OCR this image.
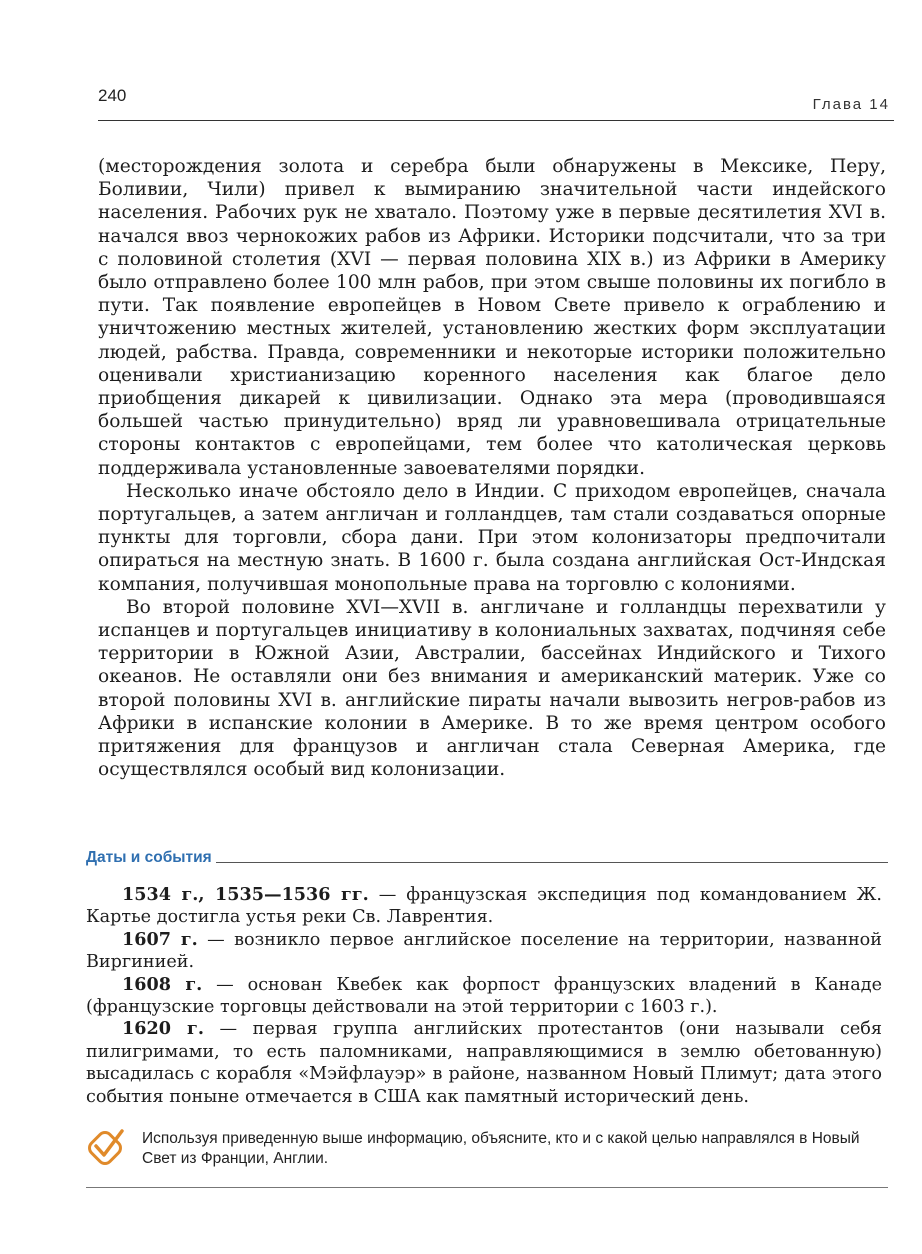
240	Глава 14

(месторождения золота и серебра были обнаружены в Мексике, Перу, Боливии, Чили) привел к вымиранию значительной части индейского населения. Рабочих рук не хватало. Поэтому уже в первые десятилетия XVI в. начался ввоз чернокожих рабов из Африки. Историки подсчитали, что за три с половиной столетия (XVI — первая половина XIX в.) из Африки в Америку было отправлено более 100 млн рабов, при этом свыше половины их погибло в пути. Так появление европейцев в Новом Свете привело к ограблению и уничтожению местных жителей, установлению жестких форм эксплуатации людей, рабства. Правда, современники и некоторые историки положительно оценивали христианизацию коренного населения как благое дело приобщения дикарей к цивилизации. Однако эта мера (проводившаяся большей частью принудительно) вряд ли уравновешивала отрицательные стороны контактов с европейцами, тем более что католическая церковь поддерживала установленные завоевателями порядки.

Несколько иначе обстояло дело в Индии. С приходом европейцев, сначала португальцев, а затем англичан и голландцев, там стали создаваться опорные пункты для торговли, сбора дани. При этом колонизаторы предпочитали опираться на местную знать. В 1600 г. была создана английская Ост-Индская компания, получившая монопольные права на торговлю с колониями.

Во второй половине XVI—XVII в. англичане и голландцы перехватили у испанцев и португальцев инициативу в колониальных захватах, подчиняя себе территории в Южной Азии, Австралии, бассейнах Индийского и Тихого океанов. Не оставляли они без внимания и американский материк. Уже со второй половины XVI в. английские пираты начали вывозить негров-рабов из Африки в испанские колонии в Америке. В то же время центром особого притяжения для французов и англичан стала Северная Америка, где осуществлялся особый вид колонизации.

Даты и события

1534 г., 1535—1536 гг. — французская экспедиция под командованием Ж. Картье достигла устья реки Св. Лаврентия.

1607 г. — возникло первое английское поселение на территории, названной Виргинией.

1608 г. — основан Квебек как форпост французских владений в Канаде (французские торговцы действовали на этой территории с 1603 г.).

1620 г. — первая группа английских протестантов (они называли себя пилигримами, то есть паломниками, направляющимися в землю обетованную) высадилась с корабля «Мэйфлауэр» в районе, названном Новый Плимут; дата этого события поныне отмечается в США как памятный исторический день.

Используя приведенную выше информацию, объясните, кто и с какой целью направлялся в Новый Свет из Франции, Англии.
